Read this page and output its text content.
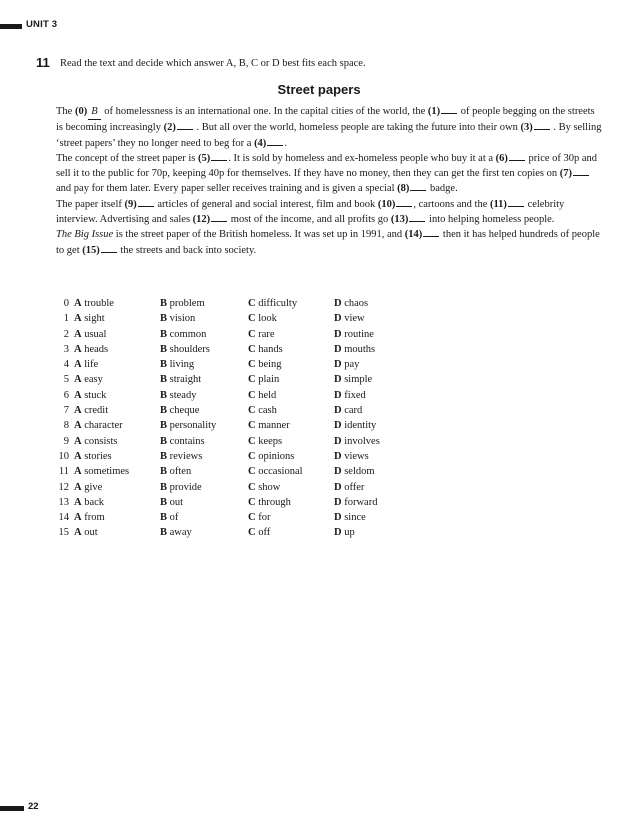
UNIT 3
11 Read the text and decide which answer A, B, C or D best fits each space.
Street papers

The (0) B of homelessness is an international one. In the capital cities of the world, the (1) of people begging on the streets is becoming increasingly (2) . But all over the world, homeless people are taking the future into their own (3) . By selling ‘street papers’ they no longer need to beg for a (4) .

The concept of the street paper is (5) . It is sold by homeless and ex-homeless people who buy it at a (6) price of 30p and sell it to the public for 70p, keeping 40p for themselves. If they have no money, then they can get the first ten copies on (7) and pay for them later. Every paper seller receives training and is given a special (8) badge.

The paper itself (9) articles of general and social interest, film and book (10) , cartoons and the (11) celebrity interview. Advertising and sales (12) most of the income, and all profits go (13) into helping homeless people.

The Big Issue is the street paper of the British homeless. It was set up in 1991, and (14) then it has helped hundreds of people to get (15) the streets and back into society.

0 A trouble	B problem	C difficulty	D chaos
1 A sight	B vision	C look	D view
2 A usual	B common	C rare	D routine
3 A heads	B shoulders	C hands	D mouths
4 A life	B living	C being	D pay
5 A easy	B straight	C plain	D simple
6 A stuck	B steady	C held	D fixed
7 A credit	B cheque	C cash	D card
8 A character	B personality	C manner	D identity
9 A consists	B contains	C keeps	D involves
10 A stories	B reviews	C opinions	D views
11 A sometimes	B often	C occasional	D seldom
12 A give	B provide	C show	D offer
13 A back	B out	C through	D forward
14 A from	B of	C for	D since
15 A out	B away	C off	D up
22
